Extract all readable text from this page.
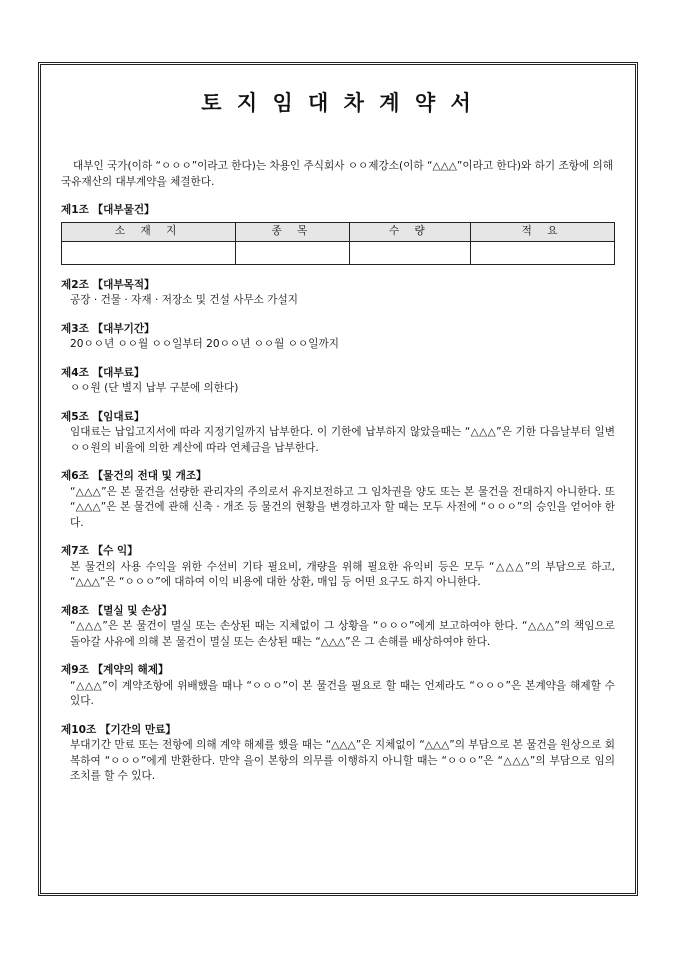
토 지 임 대 차 계 약 서

대부인 국가(이하 “ㅇㅇㅇ”이라고 한다)는 차용인 주식회사 ㅇㅇ제강소(이하 “△△△”이라고 한다)와 하기 조항에 의해 국유재산의 대부계약을 체결한다.

제1조 【대부물건】
소 재 지	종 목	수 량	적 요

제2조 【대부목적】
공장 · 건물 · 자재 · 저장소 및 건설 사무소 가설지
제3조 【대부기간】
20ㅇㅇ년 ㅇㅇ월 ㅇㅇ일부터 20ㅇㅇ년 ㅇㅇ월 ㅇㅇ일까지
제4조 【대부료】
ㅇㅇ원 (단 별지 납부 구분에 의한다)
제5조 【임대료】
임대료는 납입고지서에 따라 지정기일까지 납부한다. 이 기한에 납부하지 않았을때는 “△△△”은 기한 다음날부터 일변 ㅇㅇ원의 비율에 의한 계산에 따라 연체금을 납부한다.
제6조 【물건의 전대 및 개조】
“△△△”은 본 물건을 선량한 관리자의 주의로서 유지보전하고 그 임차권을 양도 또는 본 물건을 전대하지 아니한다. 또 “△△△”은 본 물건에 관해 신축 · 개조 등 물건의 현황을 변경하고자 할 때는 모두 사전에 “ㅇㅇㅇ”의 승인을 얻어야 한다.
제7조 【수 익】
본 물건의 사용 수익을 위한 수선비 기타 필요비, 개량을 위해 필요한 유익비 등은 모두 “△△△”의 부담으로 하고, “△△△”은 “ㅇㅇㅇ”에 대하여 이익 비용에 대한 상환, 매입 등 어떤 요구도 하지 아니한다.
제8조 【멸실 및 손상】
“△△△”은 본 물건이 멸실 또는 손상된 때는 지체없이 그 상황을 “ㅇㅇㅇ”에게 보고하여야 한다. “△△△”의 책임으로 돌아갈 사유에 의해 본 물건이 멸실 또는 손상된 때는 “△△△”은 그 손해를 배상하여야 한다.
제9조 【계약의 해제】
“△△△”이 계약조항에 위배했을 때나 “ㅇㅇㅇ”이 본 물건을 필요로 할 때는 언제라도 “ㅇㅇㅇ”은 본계약을 해제할 수 있다.
제10조 【기간의 만료】
부대기간 만료 또는 전항에 의해 계약 해제를 했을 때는 “△△△”은 지체없이 “△△△”의 부담으로 본 물건을 원상으로 회복하여 “ㅇㅇㅇ”에게 반환한다. 만약 을이 본항의 의무를 이행하지 아니할 때는 “ㅇㅇㅇ”은 “△△△”의 부담으로 임의 조치를 할 수 있다.
